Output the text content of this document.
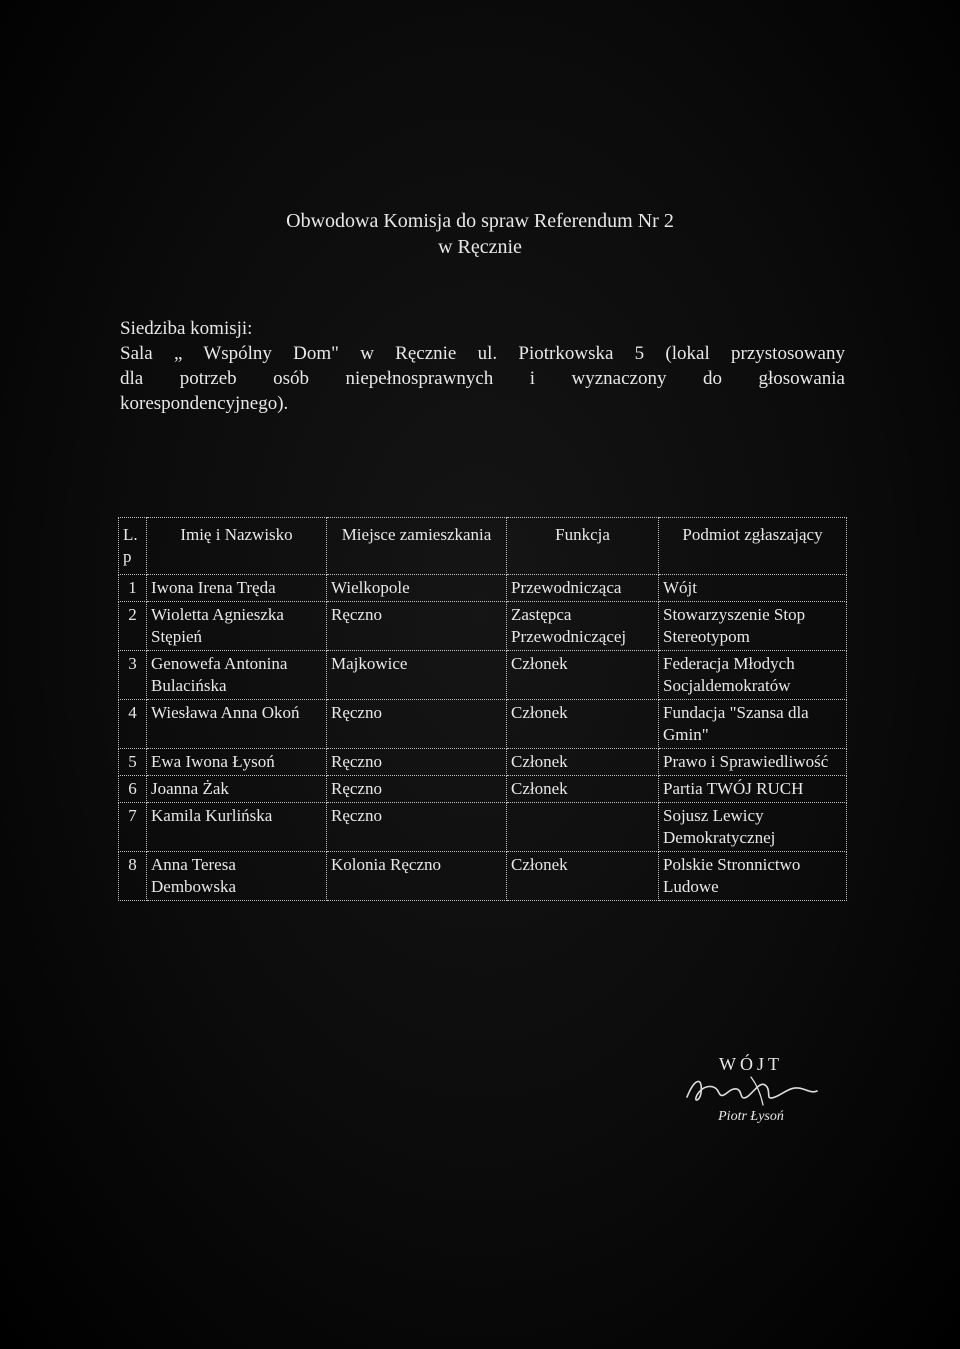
Obwodowa Komisja do spraw Referendum Nr 2
w Ręcznie
Siedziba komisji:
Sala „ Wspólny Dom" w Ręcznie ul. Piotrkowska 5 (lokal przystosowany
dla potrzeb osób niepełnosprawnych i wyznaczony do głosowania
korespondencyjnego).
L. p	Imię i Nazwisko	Miejsce zamieszkania	Funkcja	Podmiot zgłaszający
1	Iwona Irena Tręda	Wielkopole	Przewodnicząca	Wójt
2	Wioletta Agnieszka Stępień	Ręczno	Zastępca Przewodniczącej	Stowarzyszenie Stop Stereotypom
3	Genowefa Antonina Bulacińska	Majkowice	Członek	Federacja Młodych Socjaldemokratów
4	Wiesława Anna Okoń	Ręczno	Członek	Fundacja "Szansa dla Gmin"
5	Ewa Iwona Łysoń	Ręczno	Członek	Prawo i Sprawiedliwość
6	Joanna Żak	Ręczno	Członek	Partia TWÓJ RUCH
7	Kamila Kurlińska	Ręczno		Sojusz Lewicy Demokratycznej
8	Anna Teresa Dembowska	Kolonia Ręczno	Członek	Polskie Stronnictwo Ludowe
WÓJT
Piotr Łysoń
